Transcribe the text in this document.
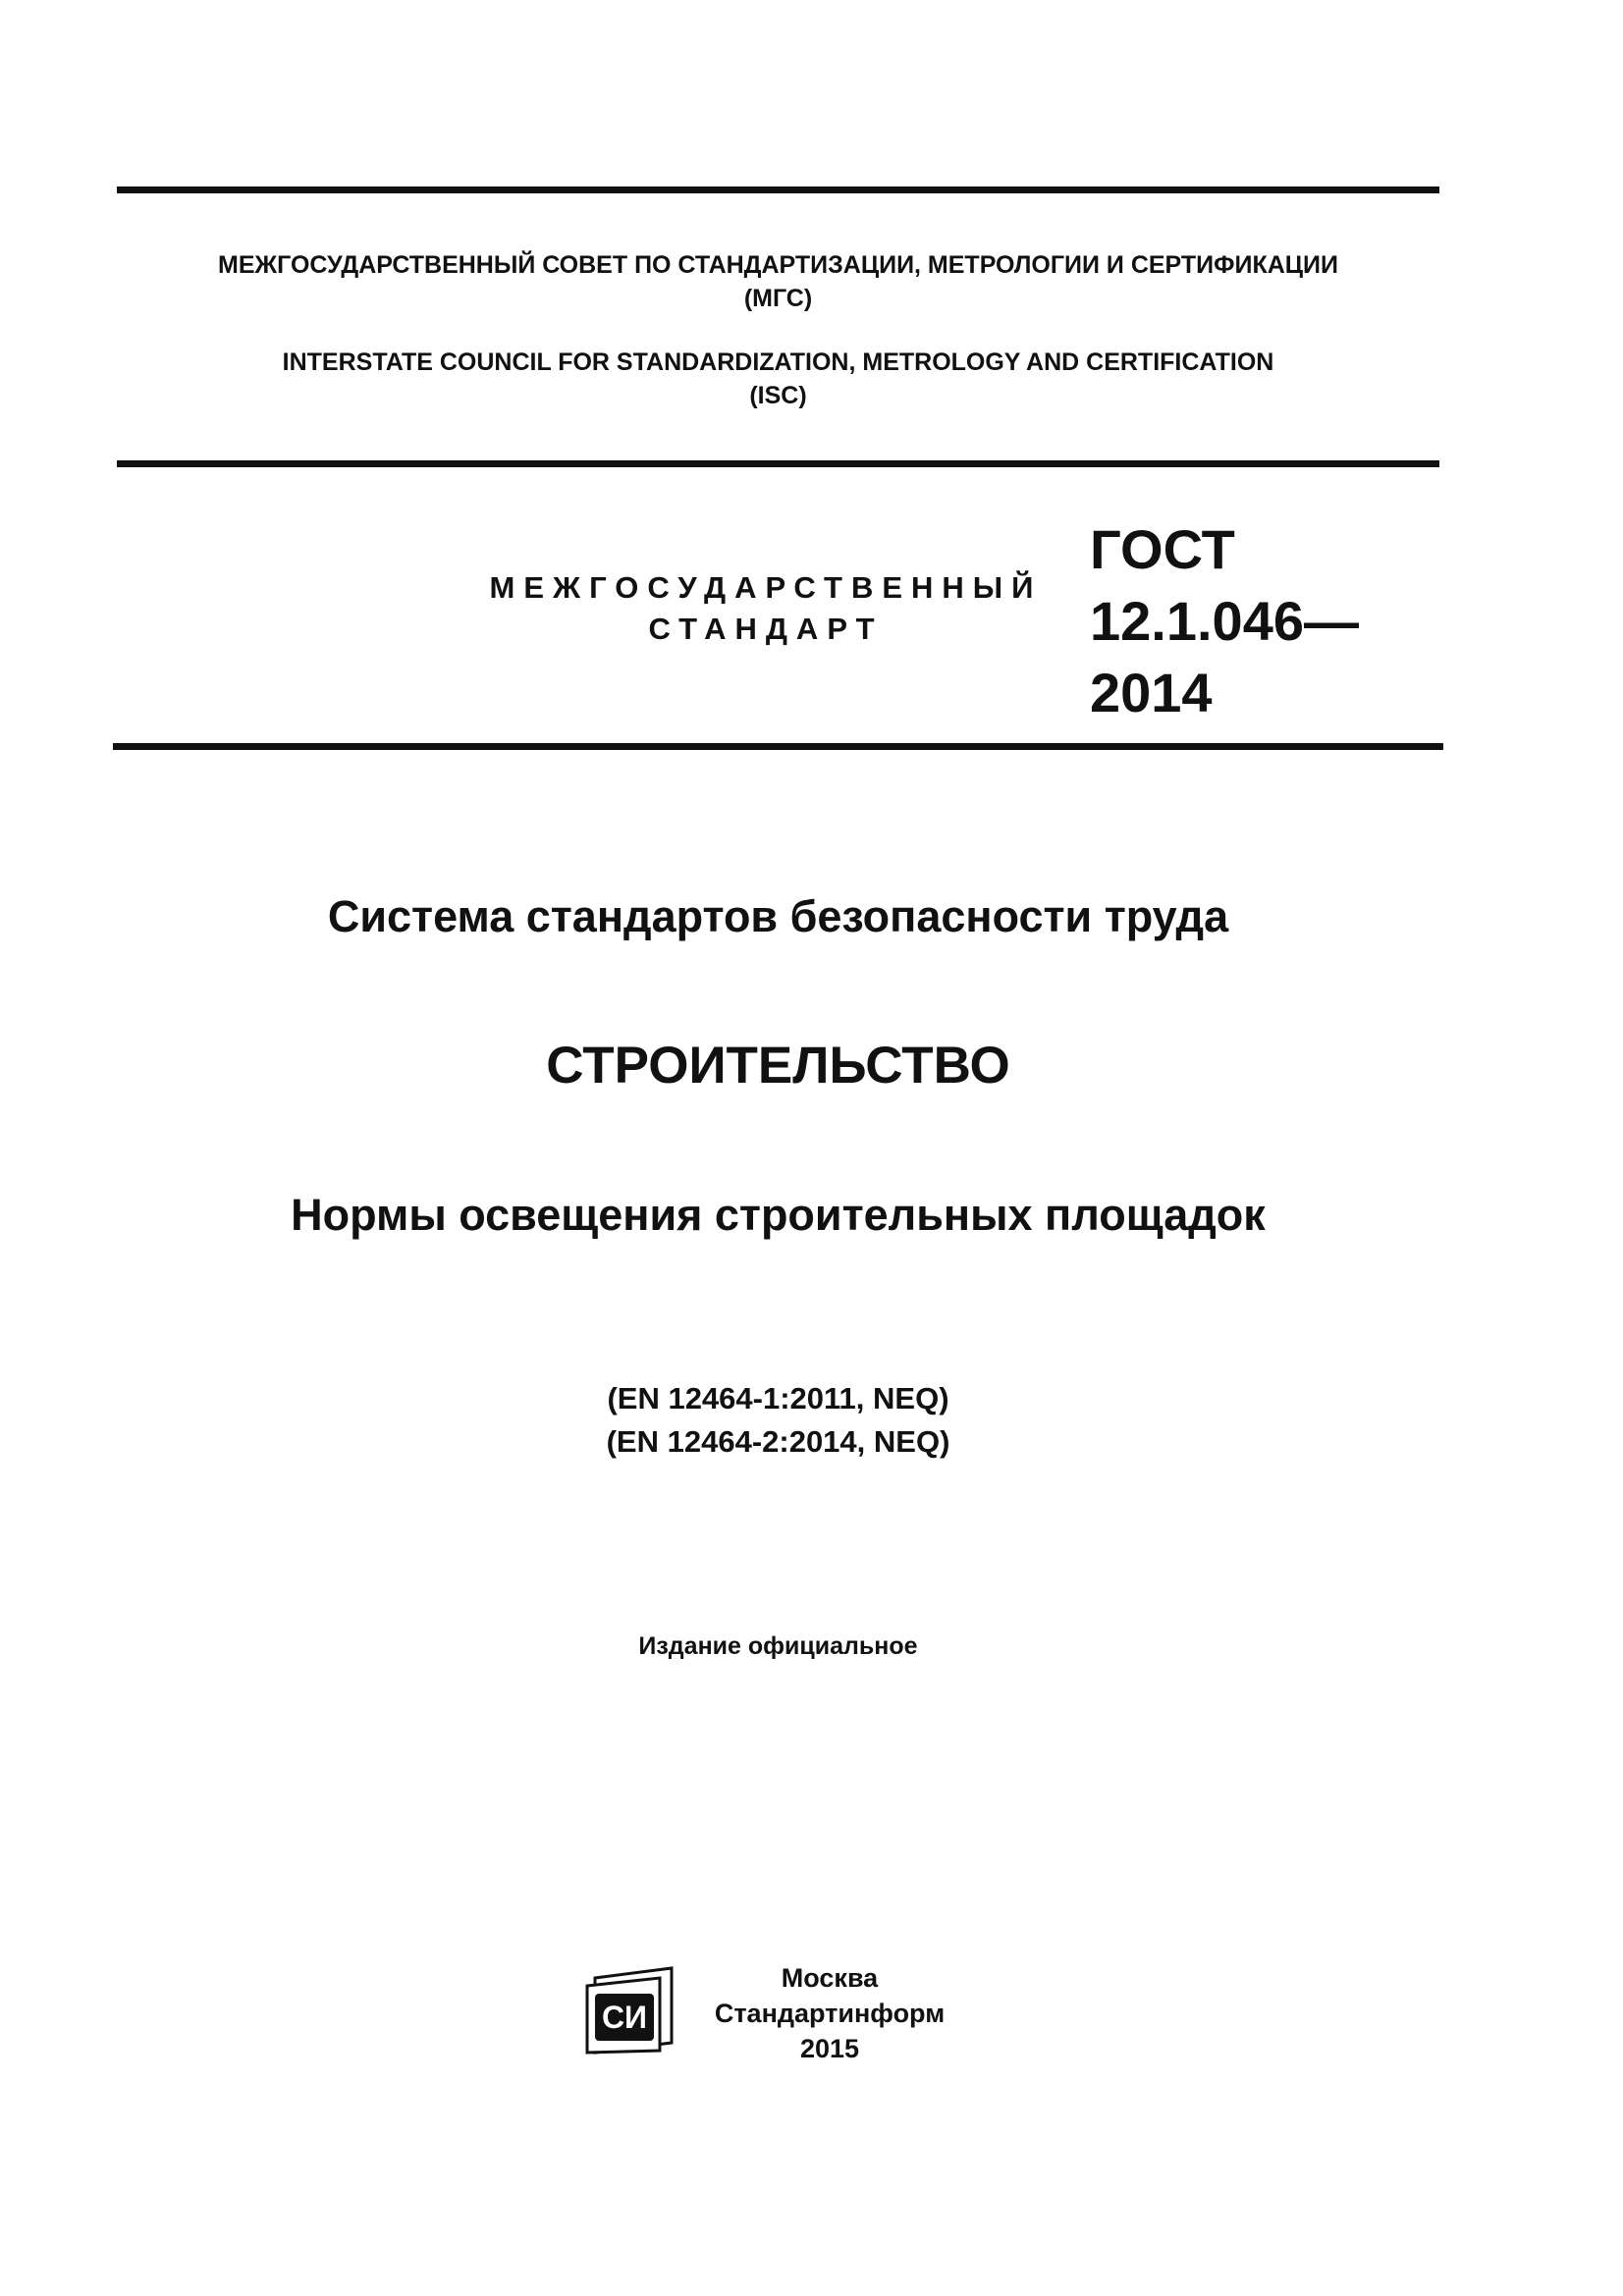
МЕЖГОСУДАРСТВЕННЫЙ СОВЕТ ПО СТАНДАРТИЗАЦИИ, МЕТРОЛОГИИ И СЕРТИФИКАЦИИ
(МГС)
INTERSTATE COUNCIL FOR STANDARDIZATION, METROLOGY AND CERTIFICATION
(ISC)
МЕЖГОСУДАРСТВЕННЫЙ
СТАНДАРТ
ГОСТ
12.1.046—
2014
Система стандартов безопасности труда
СТРОИТЕЛЬСТВО
Нормы освещения строительных площадок
(EN 12464-1:2011, NEQ)
(EN 12464-2:2014, NEQ)
Издание официальное
СИ
Москва
Стандартинформ
2015
